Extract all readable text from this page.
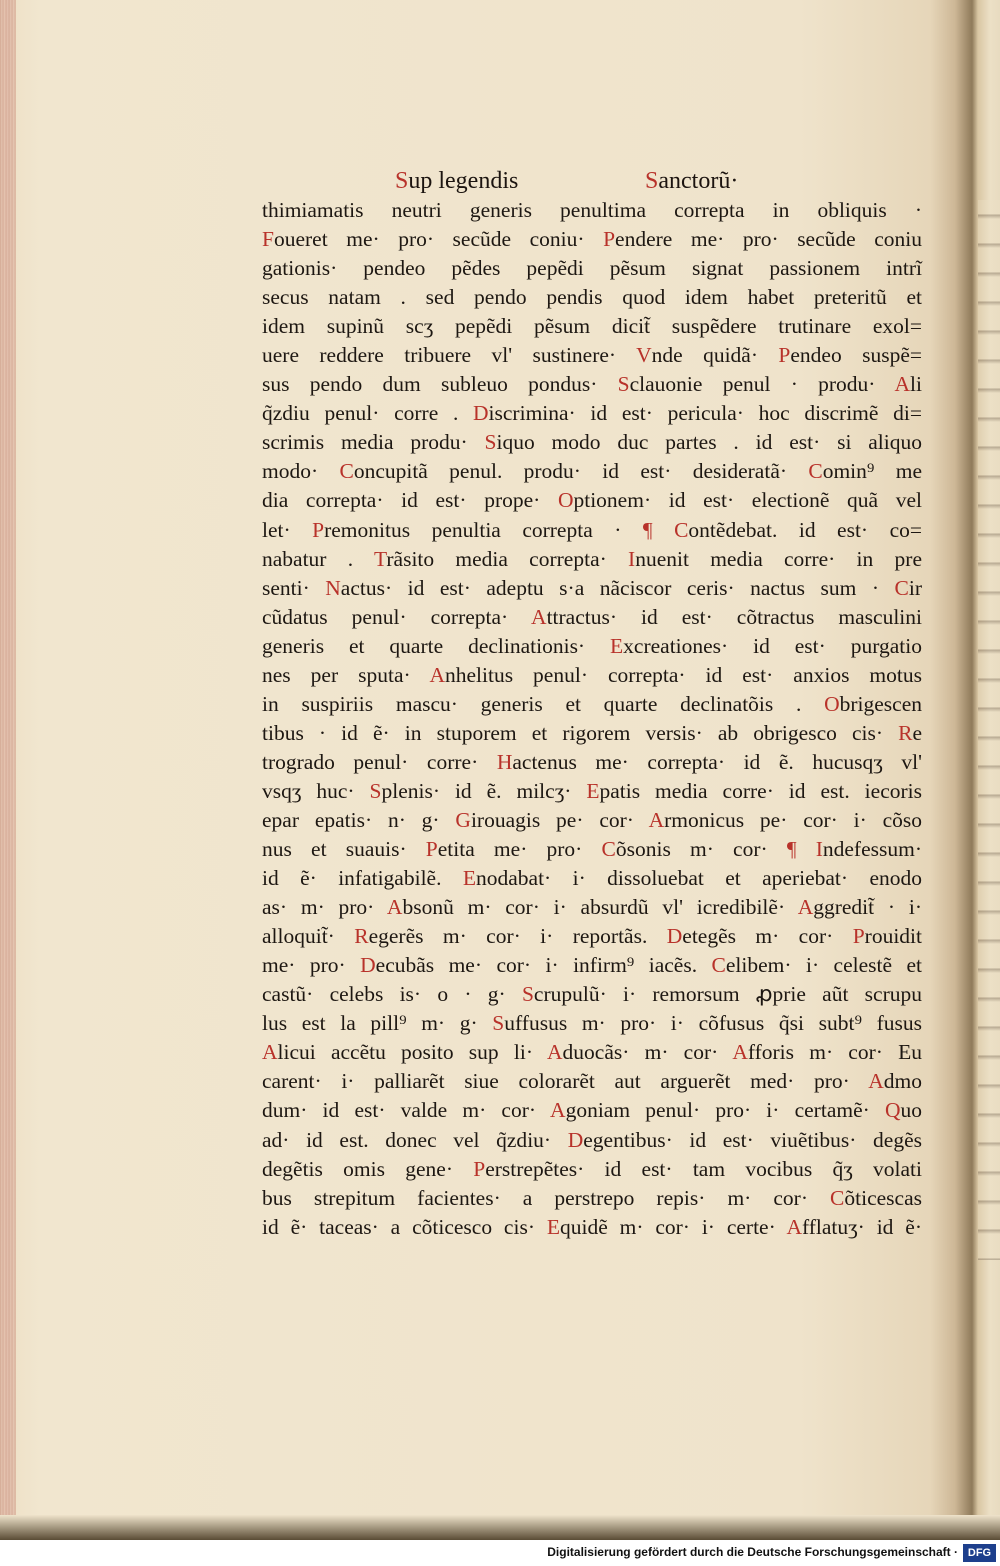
Sup legendis	Sanctorũ·
thimiamatis neutri generis penultima correpta in obliquis ·
Foueret me· pro· secũde coniu· Pendere me· pro· secũde coniu
gationis· pendeo pẽdes pepẽdi pẽsum signat passionem intrĩ
secus natam . sed pendo pendis quod idem habet preteritũ et
idem supinũ scʒ pepẽdi pẽsum dicit̃ suspẽdere trutinare exol=
uere reddere tribuere vl' sustinere· Vnde quidã· Pendeo suspẽ=
sus pendo dum subleuo pondus· Sclauonie penul · produ· Ali
q̃zdiu penul· corre . Discrimina· id est· pericula· hoc discrimẽ di=
scrimis media produ· Siquo modo duc partes . id est· si aliquo
modo· Concupitã penul. produ· id est· desideratã· Comin⁹ me
dia correpta· id est· prope· Optionem· id est· electionẽ quã vel
let· Premonitus penultia correpta · ¶ Contẽdebat. id est· co=
nabatur . Trãsito media correpta· Inuenit media corre· in pre
senti· Nactus· id est· adeptu s·a nãciscor ceris· nactus sum · Cir
cũdatus penul· correpta· Attractus· id est· cõtractus masculini
generis et quarte declinationis· Excreationes· id est· purgatio
nes per sputa· Anhelitus penul· correpta· id est· anxios motus
in suspiriis mascu· generis et quarte declinatõis . Obrigescen
tibus · id ẽ· in stuporem et rigorem versis· ab obrigesco cis· Re
trogrado penul· corre· Hactenus me· correpta· id ẽ. hucusqʒ vl'
vsqʒ huc· Splenis· id ẽ. milcʒ· Epatis media corre· id est. iecoris
epar epatis· n· g· Girouagis pe· cor· Armonicus pe· cor· i· cõso
nus et suauis· Petita me· pro· Cõsonis m· cor· ¶ Indefessum·
id ẽ· infatigabilẽ. Enodabat· i· dissoluebat et aperiebat· enodo
as· m· pro· Absonũ m· cor· i· absurdũ vl' icredibilẽ· Aggredit̃ · i·
alloquit̃· Regerẽs m· cor· i· reportãs. Detegẽs m· cor· Prouidit
me· pro· Decubãs me· cor· i· infirm⁹ iacẽs. Celibem· i· celestẽ et
castũ· celebs is· o · g· Scrupulũ· i· remorsum ꝓprie aũt scrupu
lus est la pill⁹ m· g· Suffusus m· pro· i· cõfusus q̃si subt⁹ fusus
Alicui accẽtu posito sup li· Aduocãs· m· cor· Afforis m· cor· Eu
carent· i· palliarẽt siue colorarẽt aut arguerẽt med· pro· Admo
dum· id est· valde m· cor· Agoniam penul· pro· i· certamẽ· Quo
ad· id est. donec vel q̃zdiu· Degentibus· id est· viuẽtibus· degẽs
degẽtis omis gene· Perstrepẽtes· id est· tam vocibus q̃ʒ volati
bus strepitum facientes· a perstrepo repis· m· cor· Cõticescas
id ẽ· taceas· a cõticesco cis· Equidẽ m· cor· i· certe· Afflatuʒ· id ẽ·
Digitalisierung gefördert durch die Deutsche Forschungsgemeinschaft · DFG
